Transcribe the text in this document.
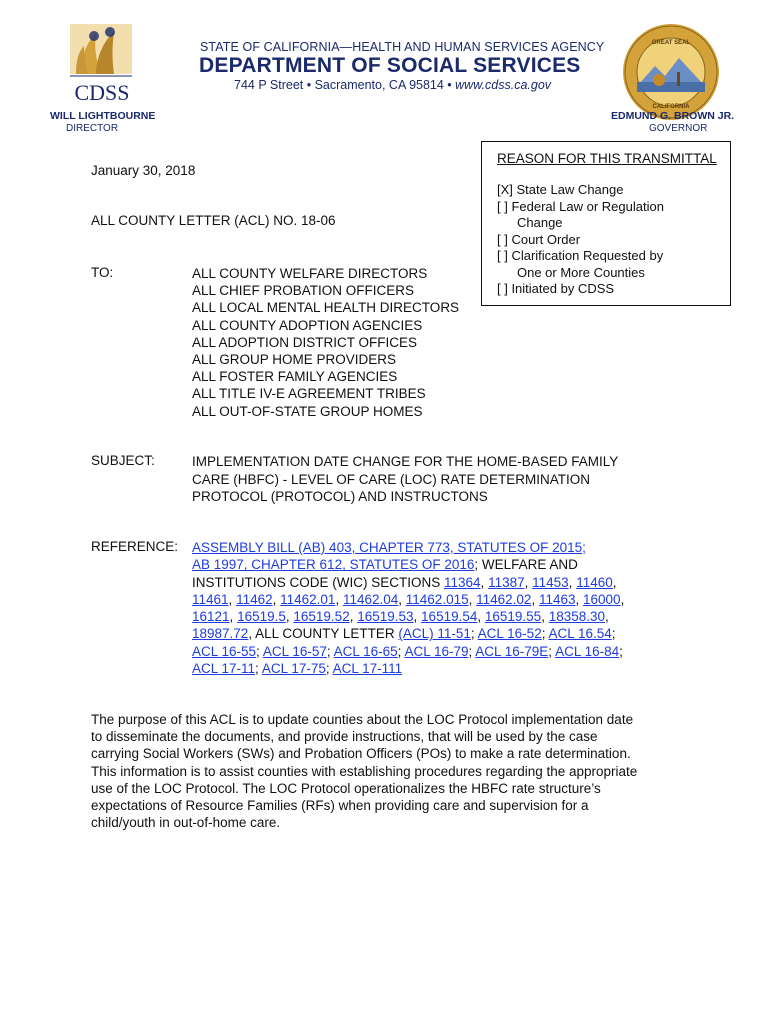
CDSS
STATE OF CALIFORNIA—HEALTH AND HUMAN SERVICES AGENCY
DEPARTMENT OF SOCIAL SERVICES
744 P Street • Sacramento, CA 95814 • www.cdss.ca.gov
GREAT SEAL
CALIFORNIA
WILL LIGHTBOURNE
DIRECTOR
EDMUND G. BROWN JR.
GOVERNOR
REASON FOR THIS TRANSMITTAL
[X] State Law Change
[ ] Federal Law or Regulation
Change
[ ] Court Order
[ ] Clarification Requested by
One or More Counties
[ ] Initiated by CDSS
January 30, 2018
ALL COUNTY LETTER (ACL) NO. 18-06
TO:	ALL COUNTY WELFARE DIRECTORS
ALL CHIEF PROBATION OFFICERS
ALL LOCAL MENTAL HEALTH DIRECTORS
ALL COUNTY ADOPTION AGENCIES
ALL ADOPTION DISTRICT OFFICES
ALL GROUP HOME PROVIDERS
ALL FOSTER FAMILY AGENCIES
ALL TITLE IV-E AGREEMENT TRIBES
ALL OUT-OF-STATE GROUP HOMES
SUBJECT:	IMPLEMENTATION DATE CHANGE FOR THE HOME-BASED FAMILY
CARE (HBFC) - LEVEL OF CARE (LOC) RATE DETERMINATION
PROTOCOL (PROTOCOL) AND INSTRUCTONS
REFERENCE: ASSEMBLY BILL (AB) 403, CHAPTER 773, STATUTES OF 2015;
AB 1997, CHAPTER 612, STATUTES OF 2016; WELFARE AND
INSTITUTIONS CODE (WIC) SECTIONS 11364, 11387, 11453, 11460,
11461, 11462, 11462.01, 11462.04, 11462.015, 11462.02, 11463, 16000,
16121, 16519.5, 16519.52, 16519.53, 16519.54, 16519.55, 18358.30,
18987.72, ALL COUNTY LETTER (ACL) 11-51; ACL 16-52; ACL 16.54;
ACL 16-55; ACL 16-57; ACL 16-65; ACL 16-79; ACL 16-79E; ACL 16-84;
ACL 17-11; ACL 17-75; ACL 17-111
The purpose of this ACL is to update counties about the LOC Protocol implementation date
to disseminate the documents, and provide instructions, that will be used by the case
carrying Social Workers (SWs) and Probation Officers (POs) to make a rate determination.
This information is to assist counties with establishing procedures regarding the appropriate
use of the LOC Protocol. The LOC Protocol operationalizes the HBFC rate structure’s
expectations of Resource Families (RFs) when providing care and supervision for a
child/youth in out-of-home care.
